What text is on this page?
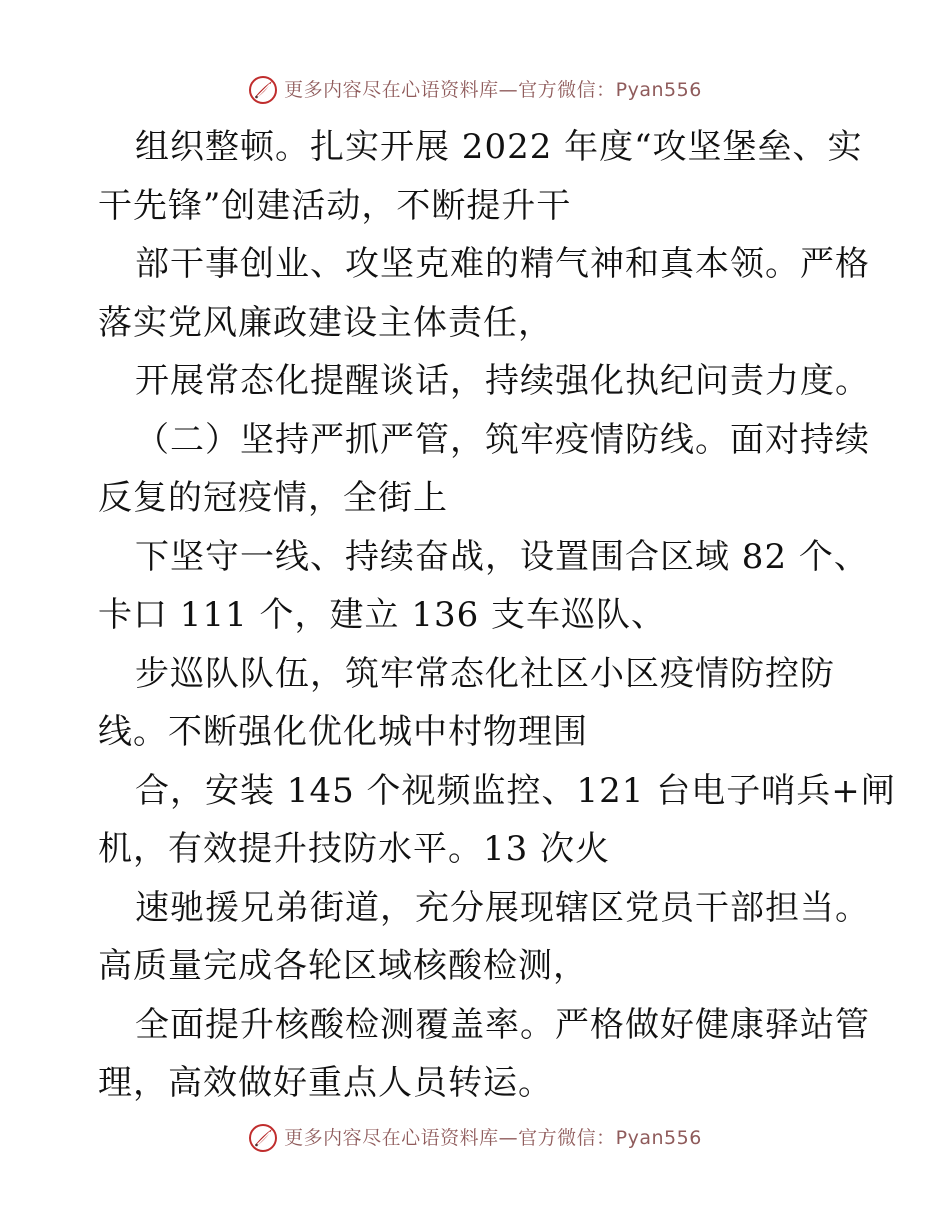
更多内容尽在心语资料库—官方微信：Pyan556
组织整顿。扎实开展 2022 年度“攻坚堡垒、实
干先锋”创建活动，不断提升干
部干事创业、攻坚克难的精气神和真本领。严格
落实党风廉政建设主体责任，
开展常态化提醒谈话，持续强化执纪问责力度。
（二）坚持严抓严管，筑牢疫情防线。面对持续
反复的冠疫情，全街上
下坚守一线、持续奋战，设置围合区域 82 个、
卡口 111 个，建立 136 支车巡队、
步巡队队伍，筑牢常态化社区小区疫情防控防
线。不断强化优化城中村物理围
合，安装 145 个视频监控、121 台电子哨兵+闸
机，有效提升技防水平。13 次火
速驰援兄弟街道，充分展现辖区党员干部担当。
高质量完成各轮区域核酸检测，
全面提升核酸检测覆盖率。严格做好健康驿站管
理，高效做好重点人员转运。
更多内容尽在心语资料库—官方微信：Pyan556
